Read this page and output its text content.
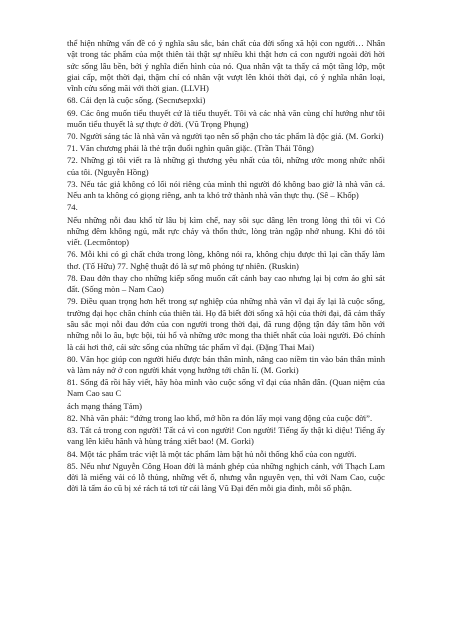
thể hiện những vấn đề có ý nghĩa sâu sắc, bản chất của đời sống xã hội con người… Nhân vật trong tác phẩm của một thiên tài thật sự nhiều khi thật hơn cả con người ngoài đời hời sức sống lâu bền, bởi ý nghĩa điển hình của nó. Qua nhân vật ta thấy cả một tầng lớp, một giai cấp, một thời đại, thậm chí có nhân vật vượt lên khỏi thời đại, có ý nghĩa nhân loại, vĩnh cửu sống mãi với thời gian. (LLVH)

68. Cái đẹn là cuộc sống. (Secnưsepxki)

69. Các ông muốn tiểu thuyết cứ là tiểu thuyết. Tôi và các nhà văn cùng chí hướng như tôi muốn tiểu thuyết là sự thực ở đời. (Vũ Trọng Phụng)

70. Người sáng tác là nhà văn và người tạo nên số phận cho tác phẩm là độc giả. (M. Gorki)

71. Văn chương phải là thẻ trận đuổi nghìn quân giặc. (Trần Thái Tông)

72. Những gì tôi viết ra là những gì thương yêu nhất của tôi, những ước mong nhức nhối của tôi. (Nguyễn Hồng)

73. Nếu tác giả không có lối nói riêng của mình thì người đó không bao giờ là nhà văn cả. Nếu anh ta không có giọng riêng, anh ta khó trở thành nhà văn thực thụ. (Sê – Khốp)

74.

Nếu những nỗi đau khổ từ lâu bị kìm chế, nay sôi sục dâng lên trong lòng thì tôi vì Có những đêm không ngủ, mắt rực cháy và thổn thức, lòng tràn ngập nhớ nhung. Khi đó tôi viết. (Lecmôntop)

76. Mỗi khi có gì chất chứa trong lòng, không nói ra, không chịu được thì lại cần thấy làm thơ. (Tố Hữu) 77. Nghệ thuật đó là sự mô phỏng tự nhiên. (Ruskin)

78. Đau đớn thay cho những kiếp sống muốn cất cánh bay cao nhưng lại bị cơm áo ghì sát đất. (Sống mòn – Nam Cao)

79. Điều quan trọng hơn hết trong sự nghiệp của những nhà văn vĩ đại ấy lại là cuộc sống, trường đại học chân chính của thiên tài. Họ đã biết đời sống xã hội của thời đại, đã cảm thấy sâu sắc mọi nỗi đau đớn của con người trong thời đại, đã rung động tận đáy tâm hồn với những nỗi lo âu, bực bội, tủi hổ và những ước mong tha thiết nhất của loài người. Đó chính là cái hơi thở, cái sức sống của những tác phẩm vĩ đại. (Đặng Thai Mai)

80. Văn học giúp con người hiểu được bản thân mình, nâng cao niềm tin vào bản thân mình và làm nảy nở ở con người khát vọng hướng tới chân lí. (M. Gorki)

81. Sống đã rồi hãy viết, hãy hòa mình vào cuộc sống vĩ đại của nhân dân. (Quan niệm của Nam Cao sau C

ách mạng tháng Tám)

82. Nhà văn phải: “đứng trong lao khổ, mở hồn ra đón lấy mọi vang động của cuộc đời”.

83. Tất cả trong con người! Tất cả vì con người! Con người! Tiếng ấy thật kì diệu! Tiếng ấy vang lên kiêu hãnh và hùng tráng xiết bao! (M. Gorki)

84. Một tác phẩm trác việt là một tác phẩm làm bật hủ nỗi thống khổ của con người.

85. Nếu như Nguyễn Công Hoan đời là mảnh ghép của những nghịch cảnh, với Thạch Lam đời là miếng vải có lỗ thủng, những vết ố, nhưng vẫn nguyên vẹn, thì với Nam Cao, cuộc đời là tấm áo cũ bị xé rách tả tơi từ cái làng Vũ Đại đến mỗi gia đình, mỗi số phận.
